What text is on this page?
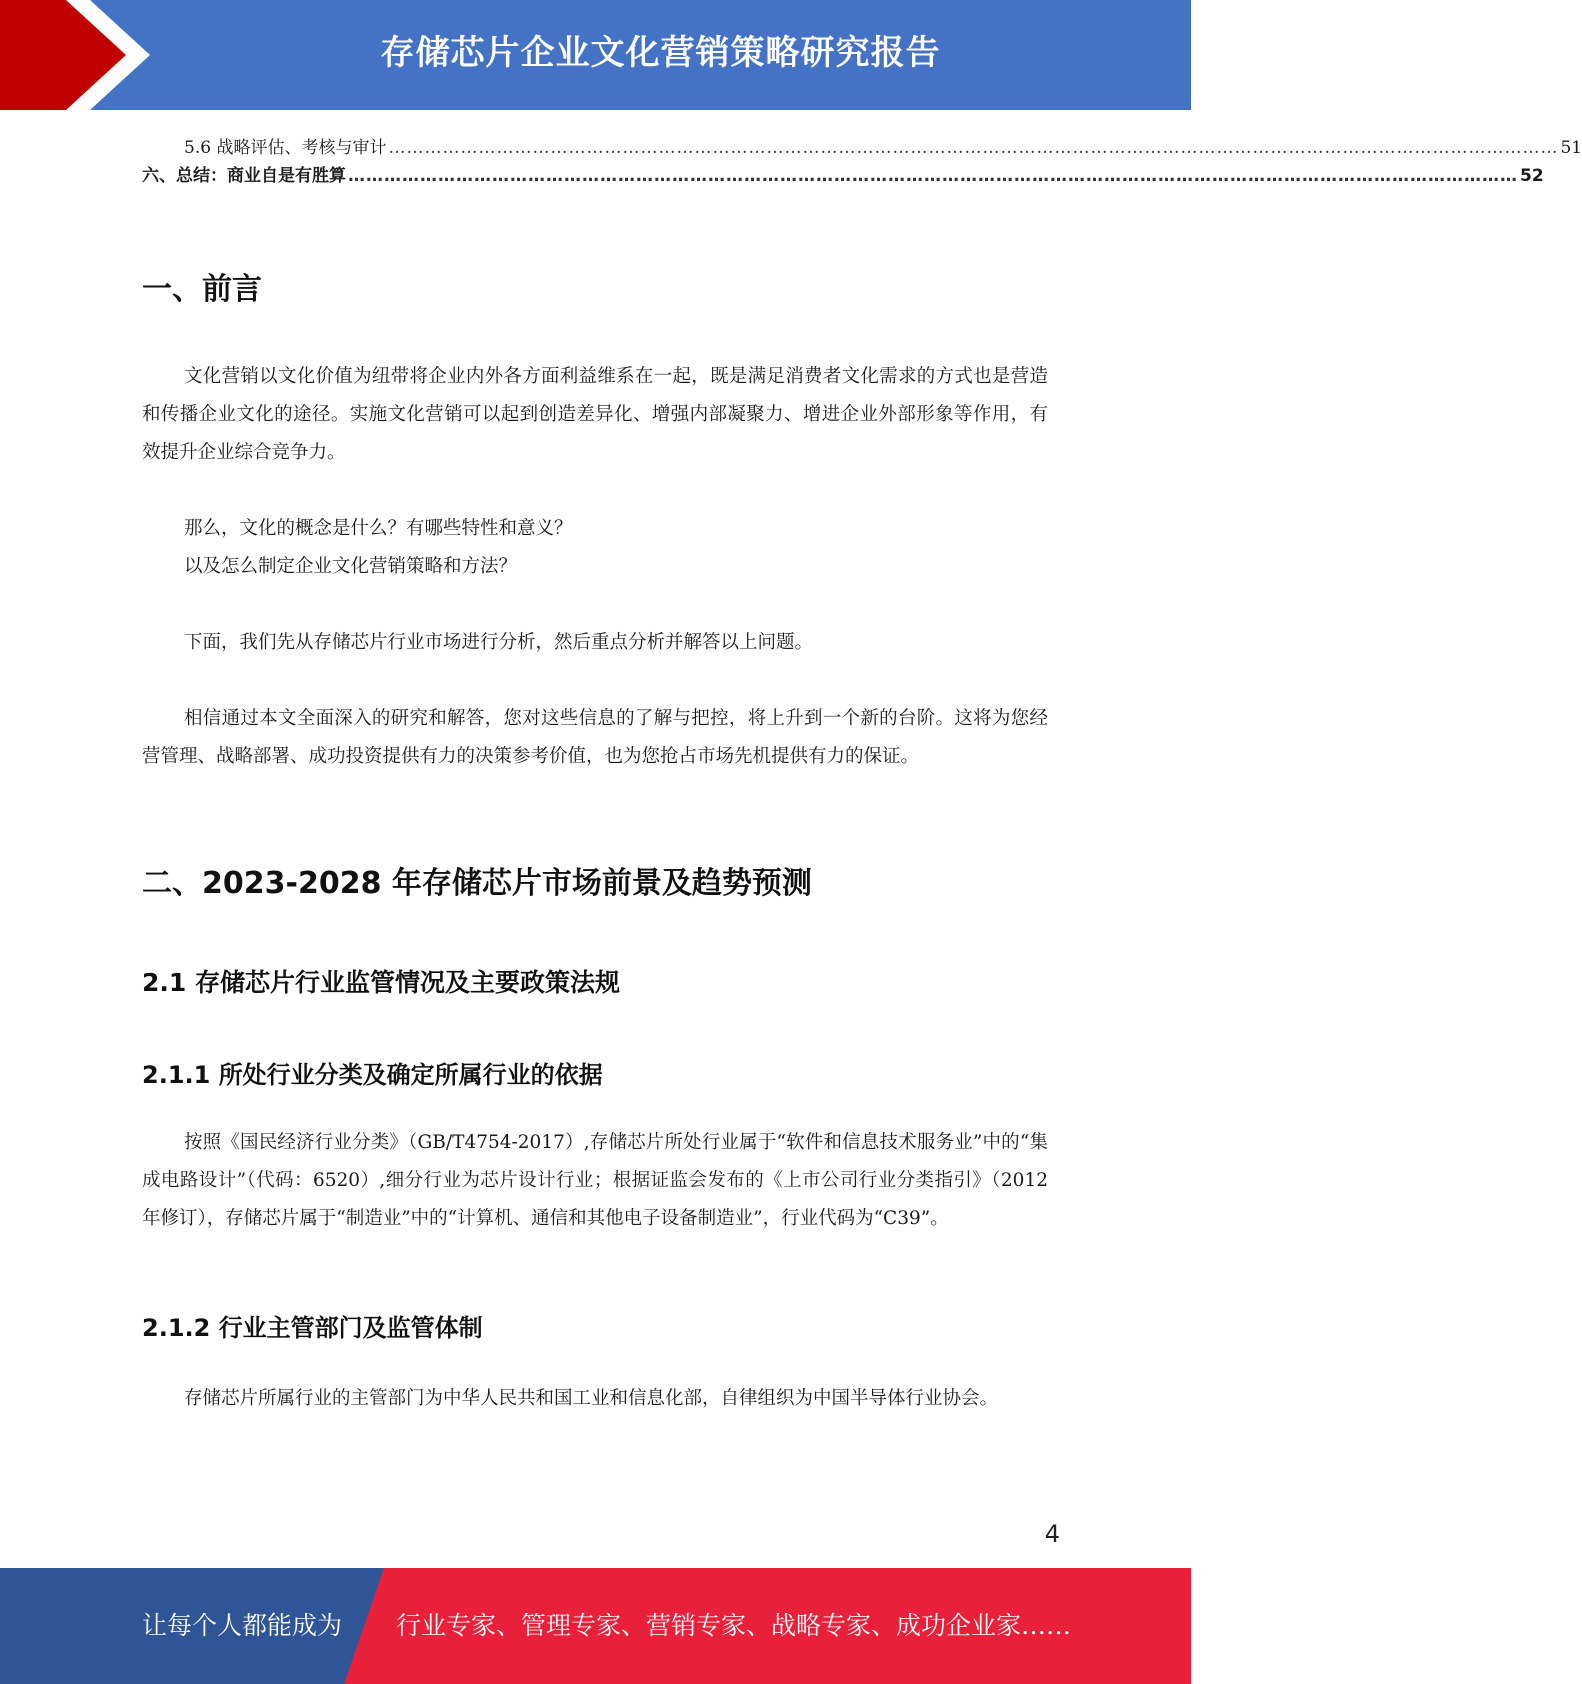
存储芯片企业文化营销策略研究报告
5.6 战略评估、考核与审计 …………………………………………………………………………………………………………………………………………………………………………… 51
六、总结：商业自是有胜算 …………………………………………………………………………………………………………………………………………………………………………… 52
一、前言
文化营销以文化价值为纽带将企业内外各方面利益维系在一起，既是满足消费者文化需求的方式也是营造和传播企业文化的途径。实施文化营销可以起到创造差异化、增强内部凝聚力、增进企业外部形象等作用，有效提升企业综合竞争力。
那么，文化的概念是什么？有哪些特性和意义？
以及怎么制定企业文化营销策略和方法？
下面，我们先从存储芯片行业市场进行分析，然后重点分析并解答以上问题。
相信通过本文全面深入的研究和解答，您对这些信息的了解与把控，将上升到一个新的台阶。这将为您经营管理、战略部署、成功投资提供有力的决策参考价值，也为您抢占市场先机提供有力的保证。
二、2023-2028 年存储芯片市场前景及趋势预测
2.1 存储芯片行业监管情况及主要政策法规
2.1.1 所处行业分类及确定所属行业的依据
按照《国民经济行业分类》（GB/T4754-2017）,存储芯片所处行业属于“软件和信息技术服务业”中的“集成电路设计”（代码：6520）,细分行业为芯片设计行业；根据证监会发布的《上市公司行业分类指引》（2012 年修订），存储芯片属于“制造业”中的“计算机、通信和其他电子设备制造业”，行业代码为“C39”。
2.1.2 行业主管部门及监管体制
存储芯片所属行业的主管部门为中华人民共和国工业和信息化部，自律组织为中国半导体行业协会。
4
让每个人都能成为 行业专家、管理专家、营销专家、战略专家、成功企业家……
